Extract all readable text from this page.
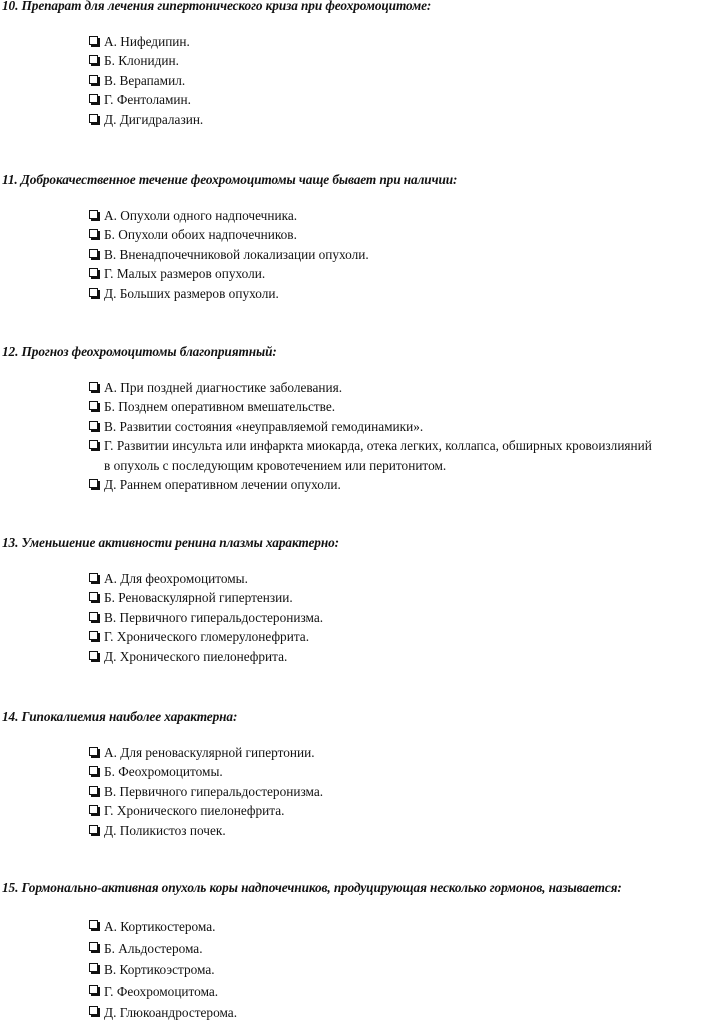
10. Препарат для лечения гипертонического криза при феохромоцитоме:

А. Нифедипин.
Б. Клонидин.
В. Верапамил.
Г. Фентоламин.
Д. Дигидралазин.

11. Доброкачественное течение феохромоцитомы чаще бывает при наличии:

А. Опухоли одного надпочечника.
Б. Опухоли обоих надпочечников.
В. Вненадпочечниковой локализации опухоли.
Г. Малых размеров опухоли.
Д. Больших размеров опухоли.

12. Прогноз феохромоцитомы благоприятный:

А. При поздней диагностике заболевания.
Б. Позднем оперативном вмешательстве.
В. Развитии состояния «неуправляемой гемодинамики».
Г. Развитии инсульта или инфаркта миокарда, отека легких, коллапса, обширных кровоизлияний
в опухоль с последующим кровотечением или перитонитом.
Д. Раннем оперативном лечении опухоли.

13. Уменьшение активности ренина плазмы характерно:

А. Для феохромоцитомы.
Б. Реноваскулярной гипертензии.
В. Первичного гиперальдостеронизма.
Г. Хронического гломерулонефрита.
Д. Хронического пиелонефрита.

14. Гипокалиемия наиболее характерна:

А. Для реноваскулярной гипертонии.
Б. Феохромоцитомы.
В. Первичного гиперальдостеронизма.
Г. Хронического пиелонефрита.
Д. Поликистоз почек.

15. Гормонально-активная опухоль коры надпочечников, продуцирующая несколько гормонов, называется:

А. Кортикостерома.
Б. Альдостерома.
В. Кортикоэстрома.
Г. Феохромоцитома.
Д. Глюкоандростерома.
